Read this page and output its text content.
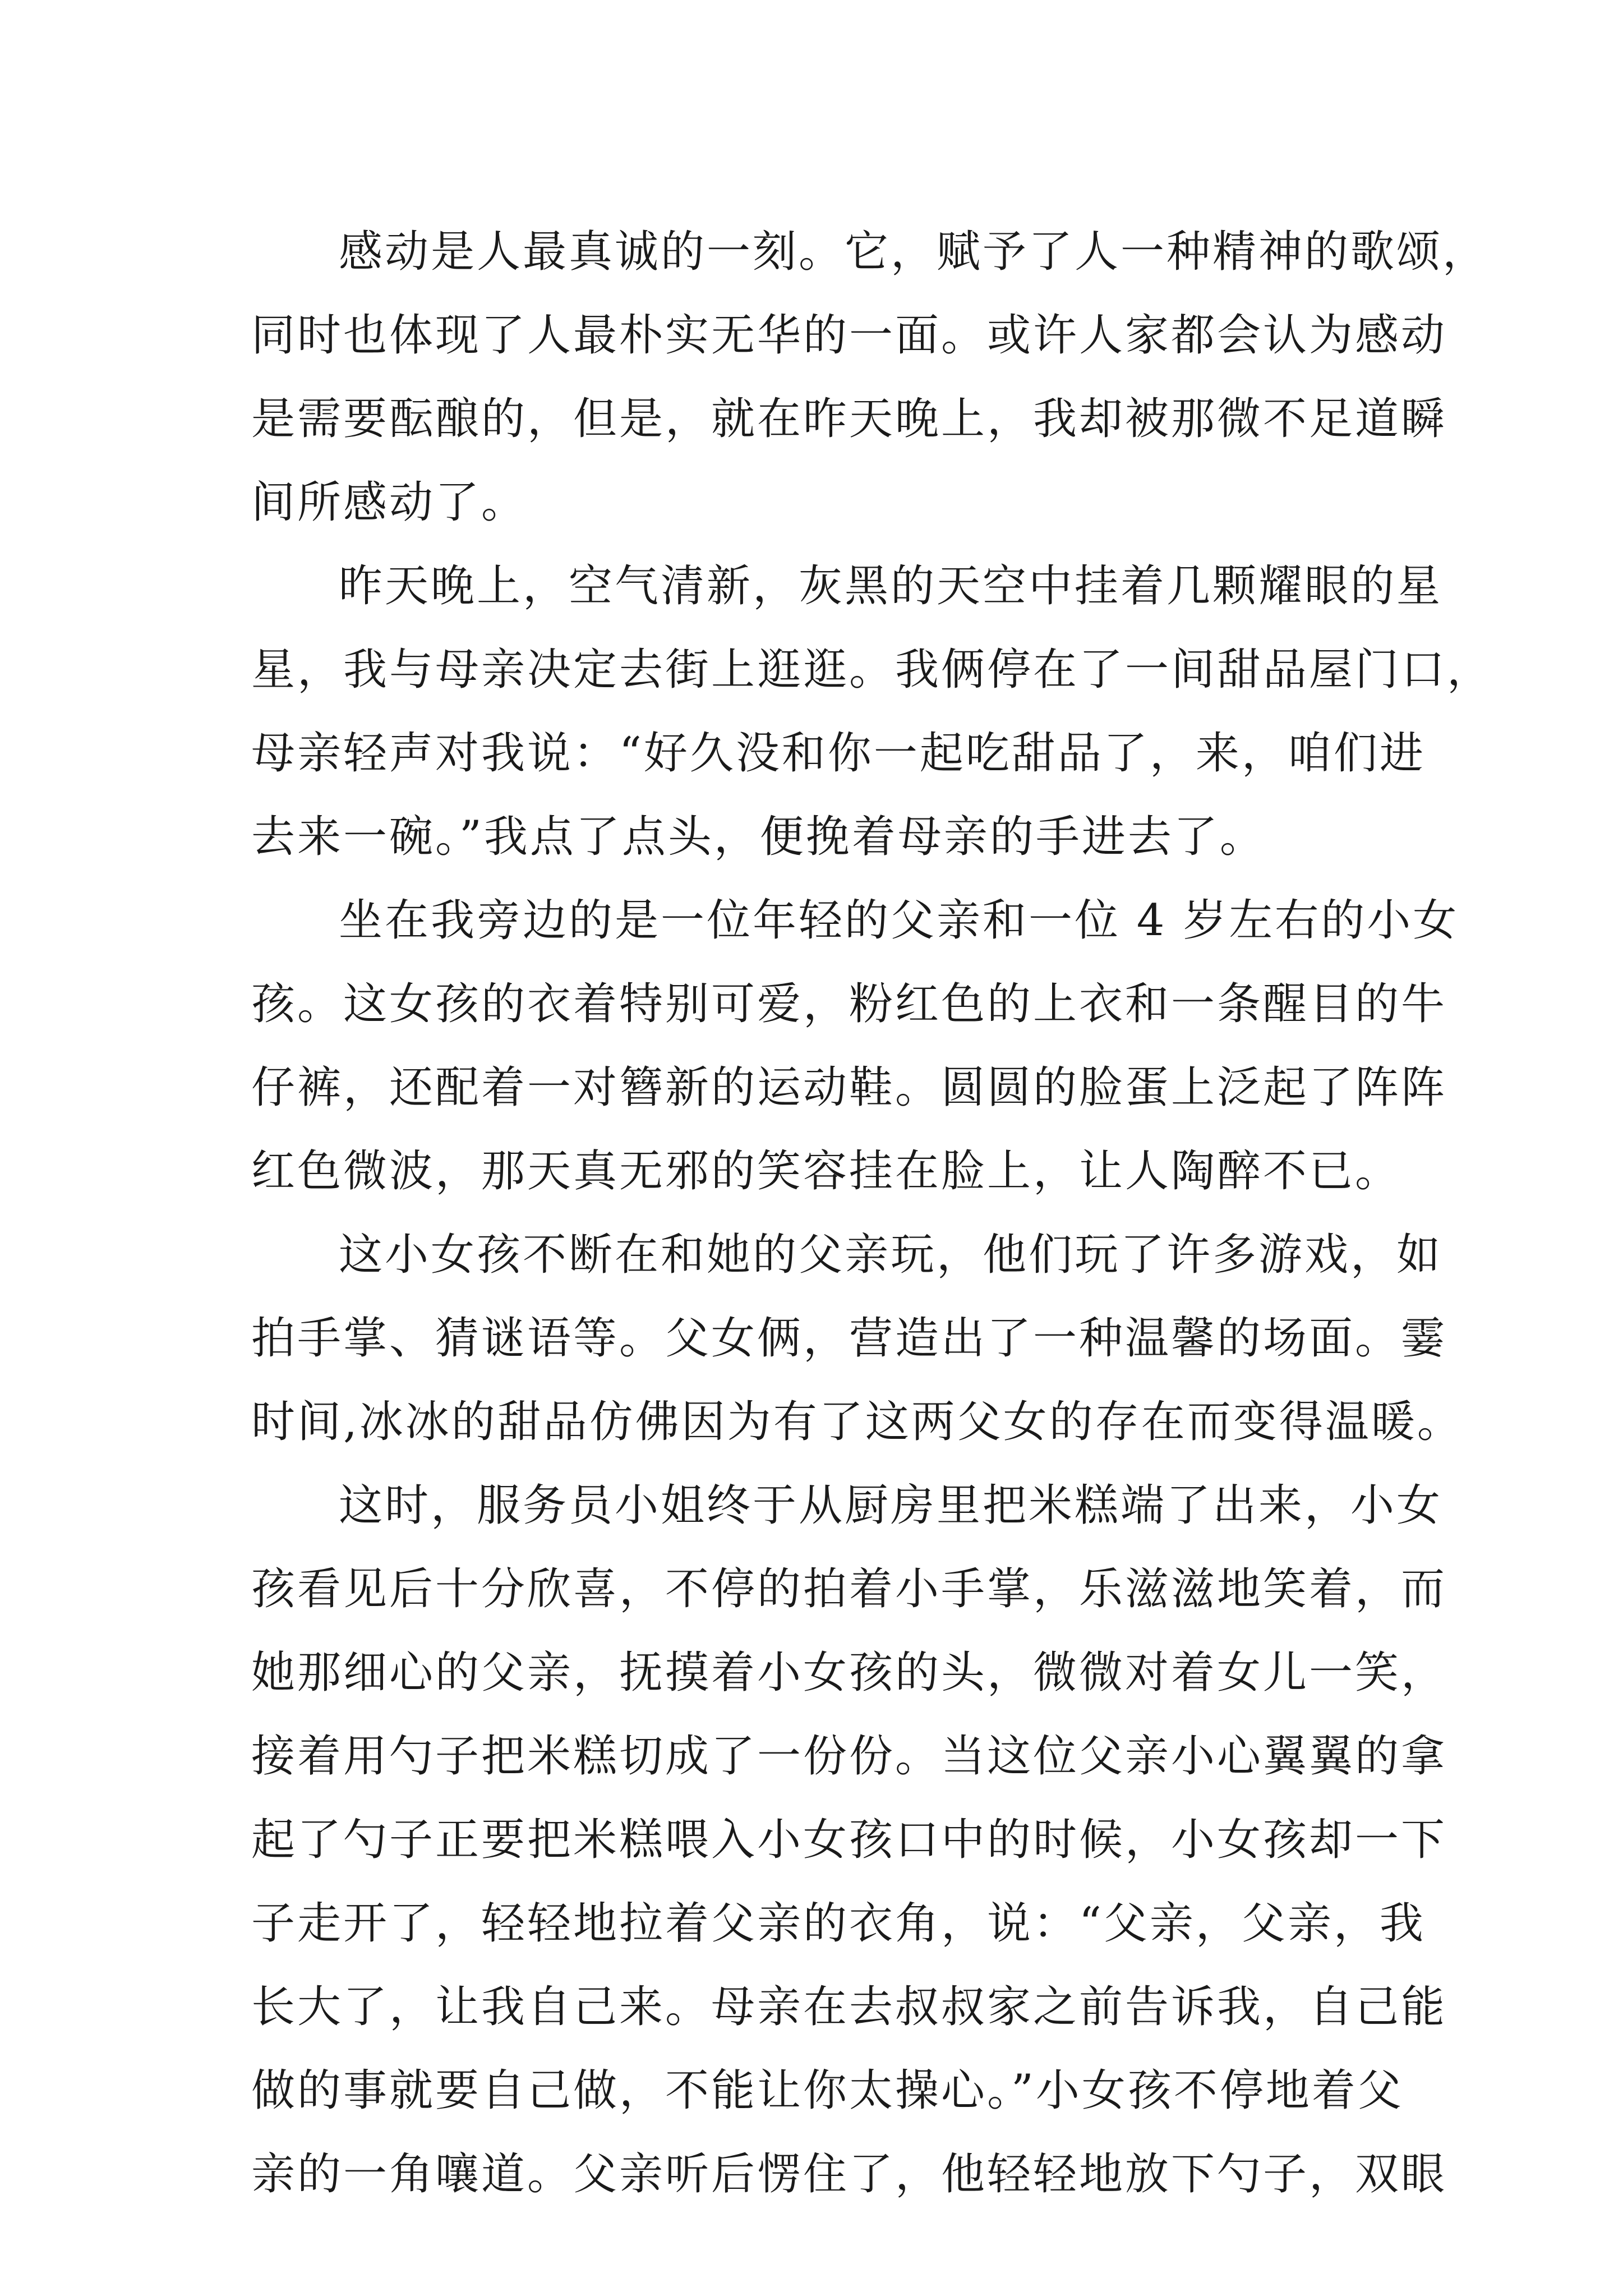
感动是人最真诚的一刻。它，赋予了人一种精神的歌颂，
同时也体现了人最朴实无华的一面。或许人家都会认为感动
是需要酝酿的，但是，就在昨天晚上，我却被那微不足道瞬
间所感动了。
昨天晚上，空气清新，灰黑的天空中挂着几颗耀眼的星
星，我与母亲决定去街上逛逛。我俩停在了一间甜品屋门口，
母亲轻声对我说：“好久没和你一起吃甜品了，来，咱们进
去来一碗。”我点了点头，便挽着母亲的手进去了。
坐在我旁边的是一位年轻的父亲和一位 4 岁左右的小女
孩。这女孩的衣着特别可爱，粉红色的上衣和一条醒目的牛
仔裤，还配着一对簪新的运动鞋。圆圆的脸蛋上泛起了阵阵
红色微波，那天真无邪的笑容挂在脸上，让人陶醉不已。
这小女孩不断在和她的父亲玩，他们玩了许多游戏，如
拍手掌、猜谜语等。父女俩，营造出了一种温馨的场面。霎
时间,冰冰的甜品仿佛因为有了这两父女的存在而变得温暖。
这时，服务员小姐终于从厨房里把米糕端了出来，小女
孩看见后十分欣喜，不停的拍着小手掌，乐滋滋地笑着，而
她那细心的父亲，抚摸着小女孩的头，微微对着女儿一笑，
接着用勺子把米糕切成了一份份。当这位父亲小心翼翼的拿
起了勺子正要把米糕喂入小女孩口中的时候，小女孩却一下
子走开了，轻轻地拉着父亲的衣角，说：“父亲，父亲，我
长大了，让我自己来。母亲在去叔叔家之前告诉我，自己能
做的事就要自己做，不能让你太操心。”小女孩不停地着父
亲的一角嚷道。父亲听后愣住了，他轻轻地放下勺子，双眼
